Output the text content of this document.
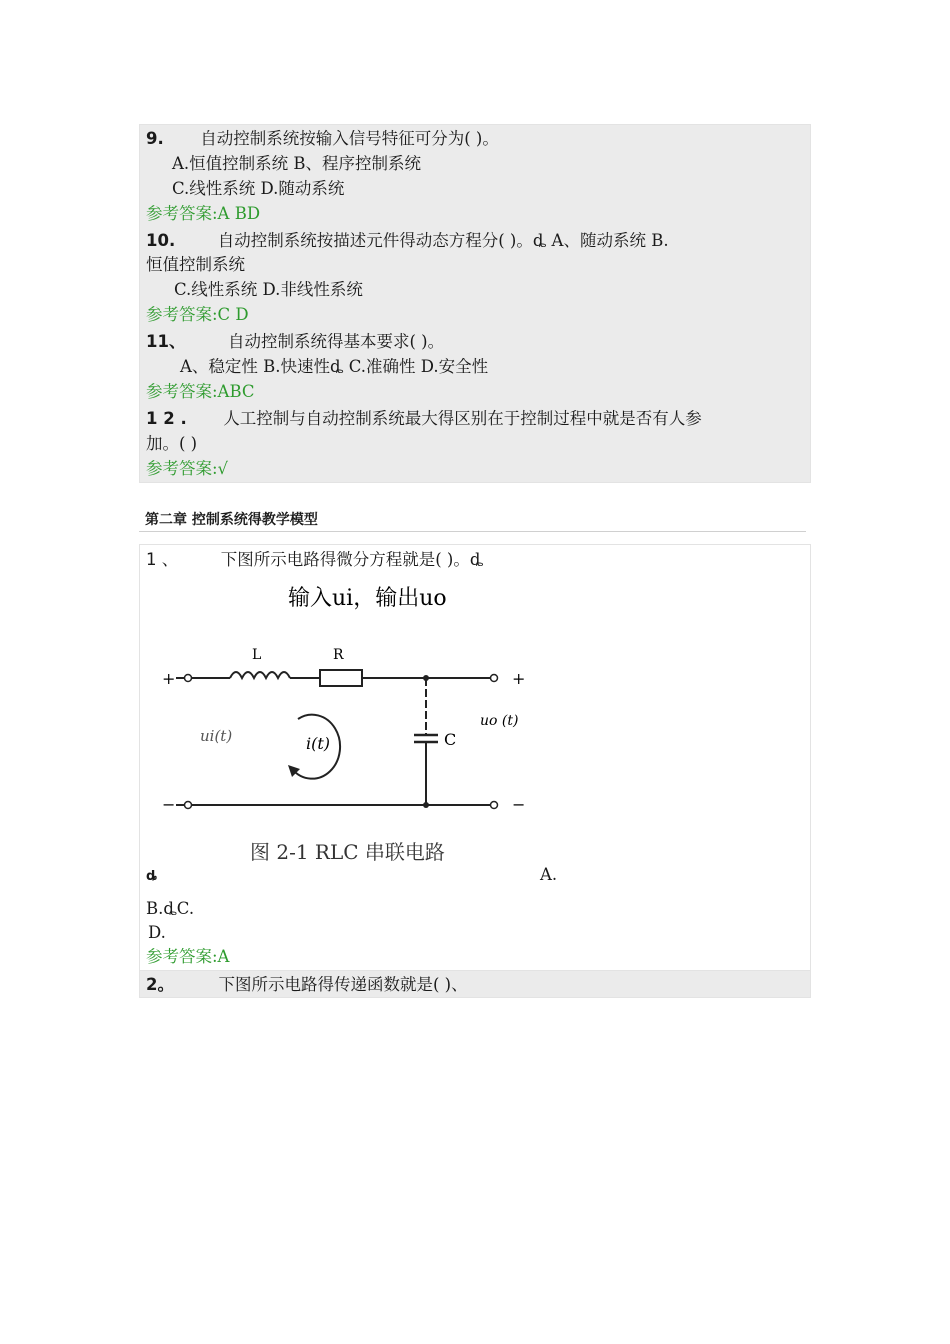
9. 自动控制系统按输入信号特征可分为( )。
A.恒值控制系统 B、程序控制系统
C.线性系统 D.随动系统
参考答案:A BD
10.	自动控制系统按描述元件得动态方程分( )。ȡ A、随动系统 B.
恒值控制系统
C.线性系统 D.非线性系统
参考答案:C D
11、	自动控制系统得基本要求( )。
A、稳定性 B.快速性ȡ C.准确性 D.安全性
参考答案:ABC
1 2 . 人工控制与自动控制系统最大得区别在于控制过程中就是否有人参
加。( )
参考答案:√
第二章 控制系统得教学模型
1 、	下图所示电路得微分方程就是( )。ȡ
输入ui，输出uo
+
−
+
−
L	R
C
ui(t)
uo (t)
i(t)
图 2-1 RLC 串联电路
ȡ	A.
B.ȡC.
D.
参考答案:A
2。	下图所示电路得传递函数就是( )、
